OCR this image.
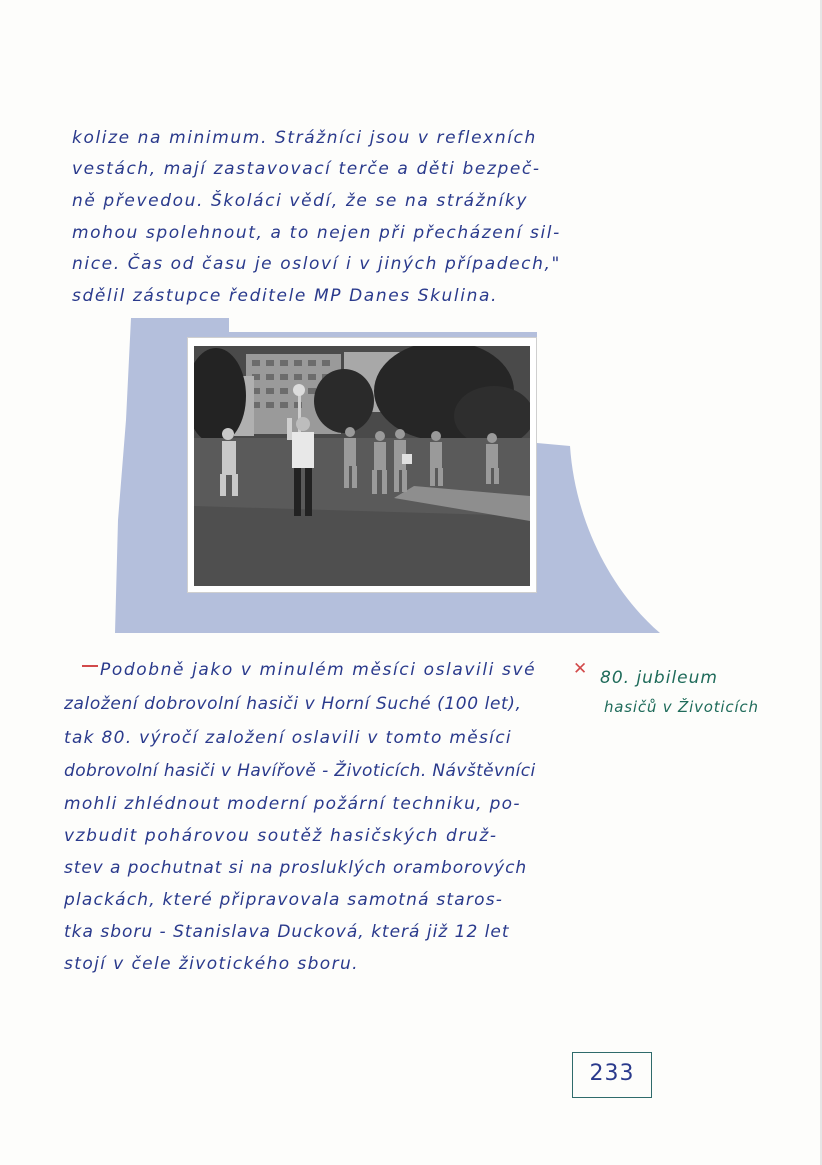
kolize na minimum. Strážníci jsou v reflexních
vestách, mají zastavovací terče a děti bezpeč-
ně převedou. Školáci vědí, že se na strážníky
mohou spolehnout, a to nejen při přecházení sil-
nice. Čas od času je osloví i v jiných případech,"
sdělil zástupce ředitele MP Danes Skulina.
✕
Podobně jako v minulém měsíci oslavili své
založení dobrovolní hasiči v Horní Suché (100 let),
tak 80. výročí založení oslavili v tomto měsíci
dobrovolní hasiči v Havířově - Životicích. Návštěvníci
mohli zhlédnout moderní požární techniku, po-
vzbudit pohárovou soutěž hasičských druž-
stev a pochutnat si na prosluklých oramborových
plackách, které připravovala samotná staros-
tka sboru - Stanislava Ducková, která již 12 let
stojí v čele životického sboru.
80. jubileum
hasičů v Životicích
233
